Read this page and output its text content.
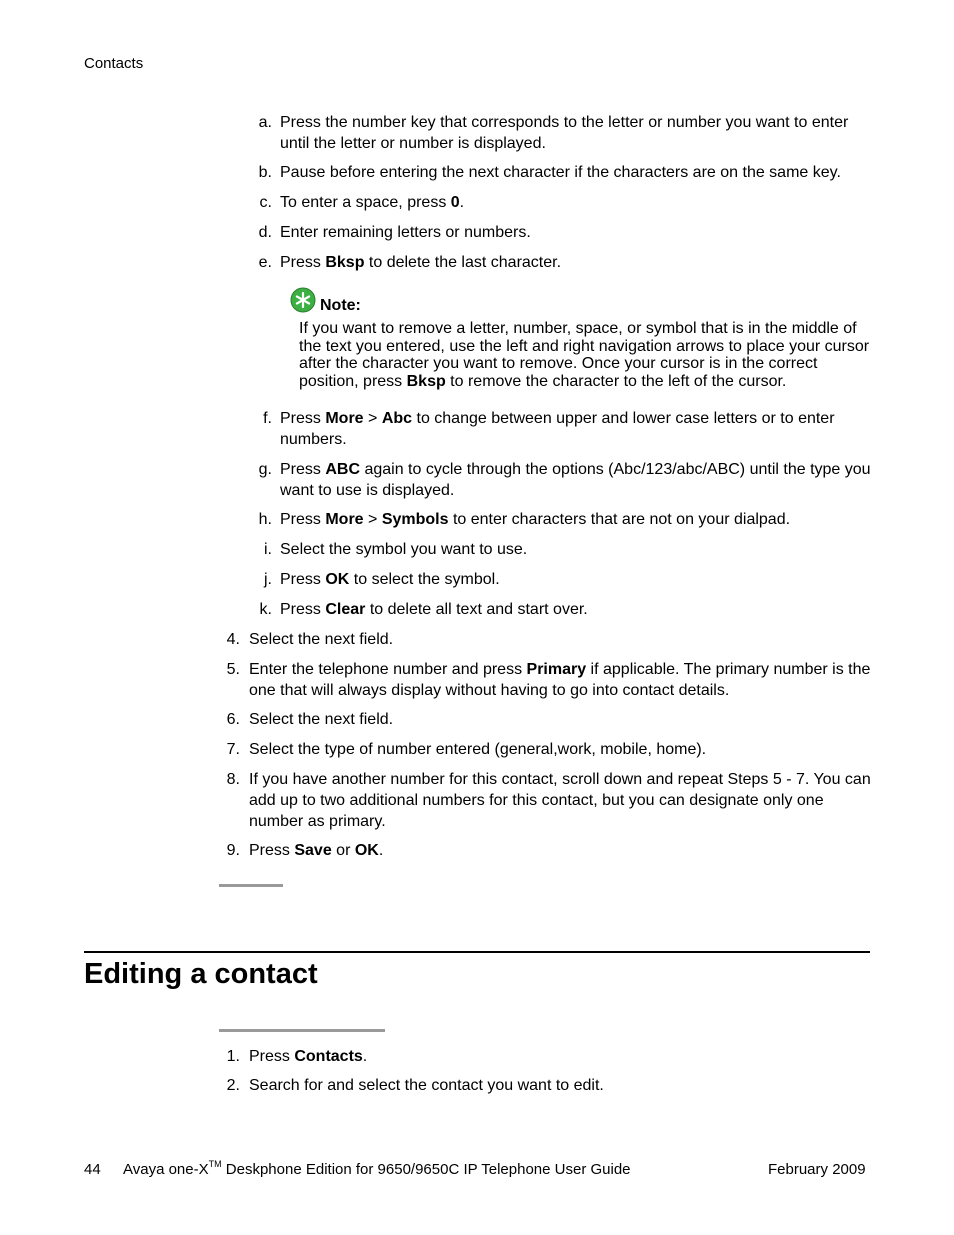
Contacts
a. Press the number key that corresponds to the letter or number you want to enter until the letter or number is displayed.
b. Pause before entering the next character if the characters are on the same key.
c. To enter a space, press 0.
d. Enter remaining letters or numbers.
e. Press Bksp to delete the last character.
Note:
If you want to remove a letter, number, space, or symbol that is in the middle of the text you entered, use the left and right navigation arrows to place your cursor after the character you want to remove. Once your cursor is in the correct position, press Bksp to remove the character to the left of the cursor.
f. Press More > Abc to change between upper and lower case letters or to enter numbers.
g. Press ABC again to cycle through the options (Abc/123/abc/ABC) until the type you want to use is displayed.
h. Press More > Symbols to enter characters that are not on your dialpad.
i. Select the symbol you want to use.
j. Press OK to select the symbol.
k. Press Clear to delete all text and start over.
4. Select the next field.
5. Enter the telephone number and press Primary if applicable. The primary number is the one that will always display without having to go into contact details.
6. Select the next field.
7. Select the type of number entered (general,work, mobile, home).
8. If you have another number for this contact, scroll down and repeat Steps 5 - 7. You can add up to two additional numbers for this contact, but you can designate only one number as primary.
9. Press Save or OK.
Editing a contact
1. Press Contacts.
2. Search for and select the contact you want to edit.
44 Avaya one-X™ Deskphone Edition for 9650/9650C IP Telephone User Guide	February 2009
